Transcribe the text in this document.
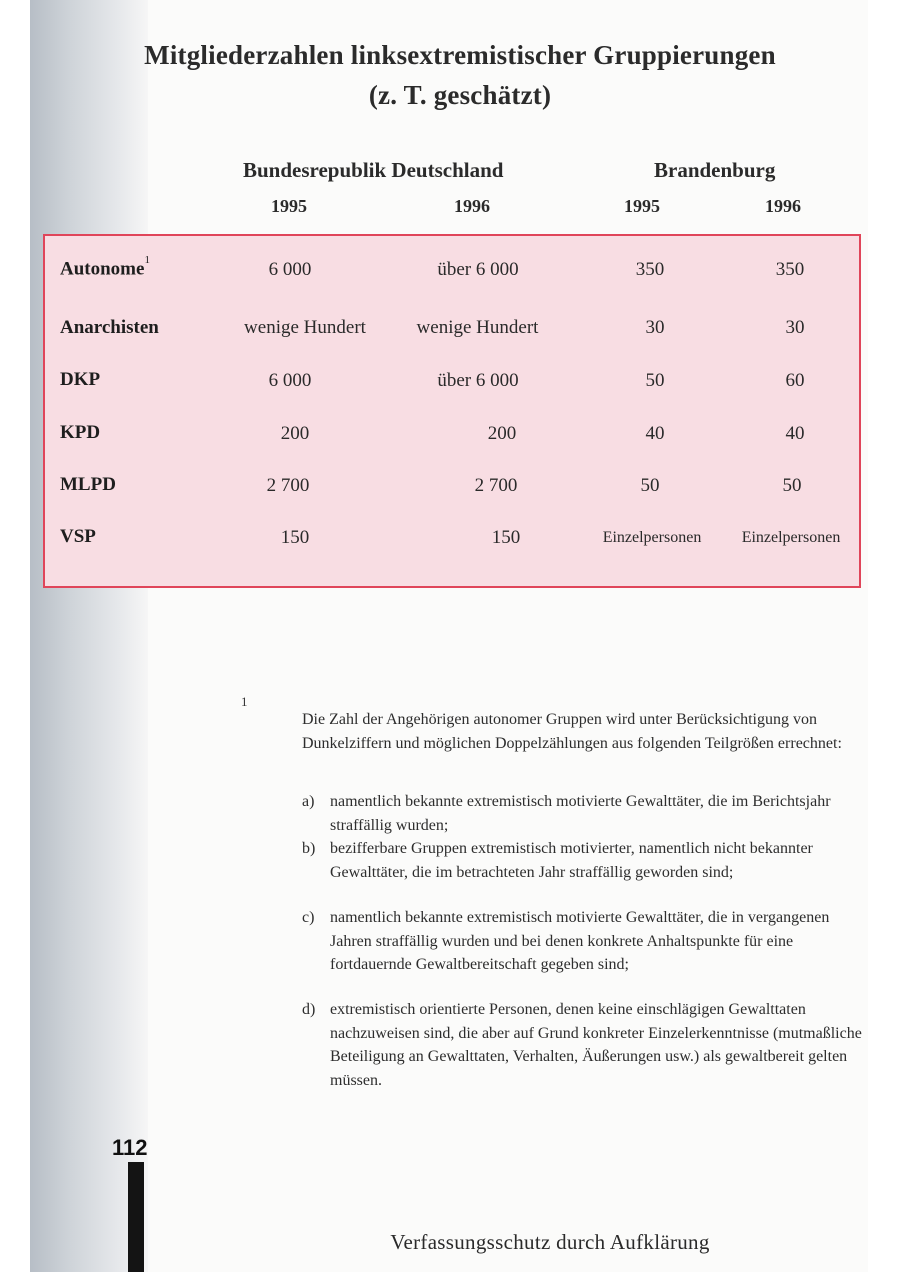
Mitgliederzahlen linksextremistischer Gruppierungen
(z. T. geschätzt)
Bundesrepublik Deutschland	Brandenburg
1995	1996	1995	1996
Autonome$^1$	6 000	über 6 000	350	350
Anarchisten	wenige Hundert	wenige Hundert	30	30
DKP	6 000	über 6 000	50	60
KPD	200	200	40	40
MLPD	2 700	2 700	50	50
VSP	150	150	Einzelpersonen	Einzelpersonen
1
Die Zahl der Angehörigen autonomer Gruppen wird unter Berücksichtigung von Dunkelziffern und möglichen Doppelzählungen aus folgenden Teilgrößen errechnet:
a) namentlich bekannte extremistisch motivierte Gewalttäter, die im Berichtsjahr straffällig wurden;
b) bezifferbare Gruppen extremistisch motivierter, namentlich nicht bekannter Gewalttäter, die im betrachteten Jahr straffällig geworden sind;
c) namentlich bekannte extremistisch motivierte Gewalttäter, die in vergangenen Jahren straffällig wurden und bei denen konkrete Anhaltspunkte für eine fortdauernde Gewaltbereitschaft gegeben sind;
d) extremistisch orientierte Personen, denen keine einschlägigen Gewalttaten nachzuweisen sind, die aber auf Grund konkreter Einzelerkenntnisse (mutmaßliche Beteiligung an Gewalttaten, Verhalten, Äußerungen usw.) als gewaltbereit gelten müssen.
112
Verfassungsschutz durch Aufklärung
